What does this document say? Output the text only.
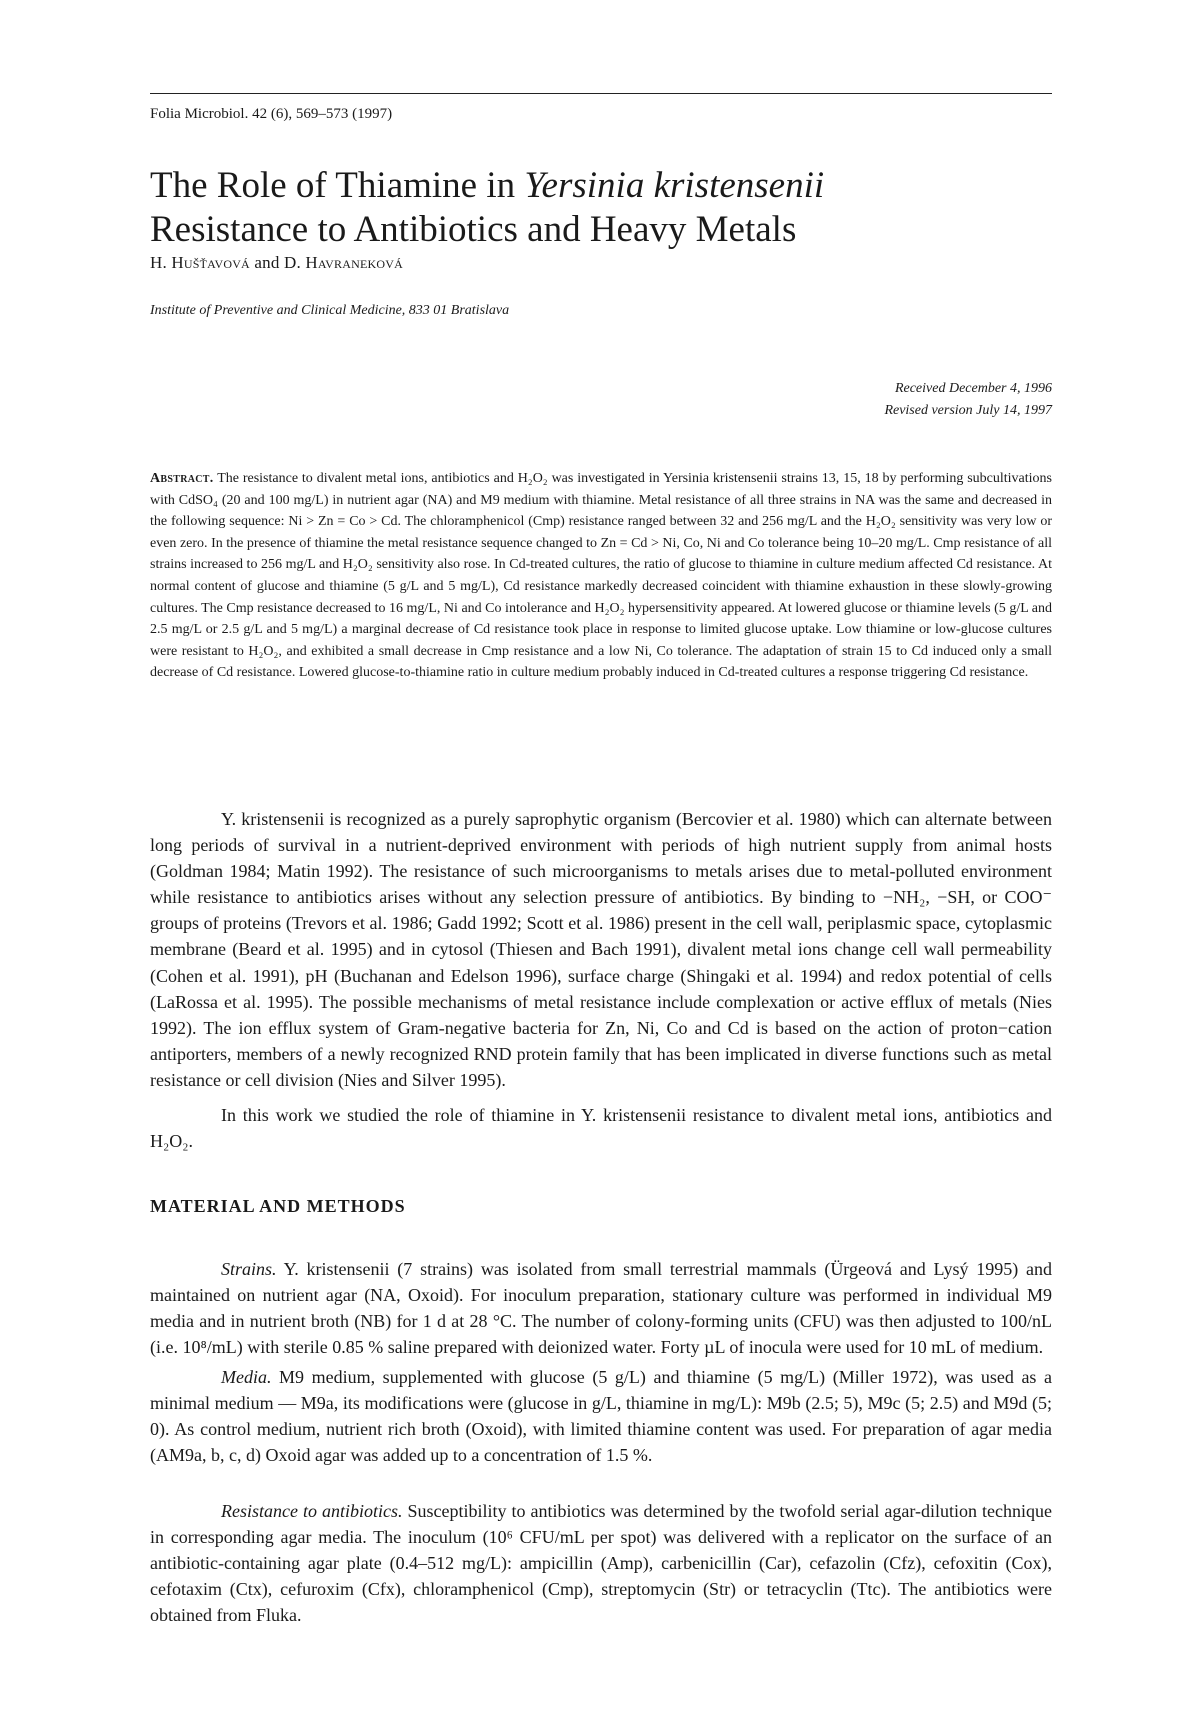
Folia Microbiol. 42 (6), 569–573 (1997)
The Role of Thiamine in Yersinia kristensenii
Resistance to Antibiotics and Heavy Metals
H. Hušťavová and D. Havraneková
Institute of Preventive and Clinical Medicine, 833 01 Bratislava
Received December 4, 1996
Revised version July 14, 1997

Abstract. The resistance to divalent metal ions, antibiotics and H₂O₂ was investigated in Yersinia kristensenii strains 13, 15, 18 by performing subcultivations with CdSO₄ (20 and 100 mg/L) in nutrient agar (NA) and M9 medium with thiamine. Metal resistance of all three strains in NA was the same and decreased in the following sequence: Ni > Zn = Co > Cd. The chloramphenicol (Cmp) resistance ranged between 32 and 256 mg/L and the H₂O₂ sensitivity was very low or even zero. In the presence of thiamine the metal resistance sequence changed to Zn = Cd > Ni, Co, Ni and Co tolerance being 10–20 mg/L. Cmp resistance of all strains increased to 256 mg/L and H₂O₂ sensitivity also rose. In Cd-treated cultures, the ratio of glucose to thiamine in culture medium affected Cd resistance. At normal content of glucose and thiamine (5 g/L and 5 mg/L), Cd resistance markedly decreased coincident with thiamine exhaustion in these slowly-growing cultures. The Cmp resistance decreased to 16 mg/L, Ni and Co intolerance and H₂O₂ hypersensitivity appeared. At lowered glucose or thiamine levels (5 g/L and 2.5 mg/L or 2.5 g/L and 5 mg/L) a marginal decrease of Cd resistance took place in response to limited glucose uptake. Low thiamine or low-glucose cultures were resistant to H₂O₂, and exhibited a small decrease in Cmp resistance and a low Ni, Co tolerance. The adaptation of strain 15 to Cd induced only a small decrease of Cd resistance. Lowered glucose-to-thiamine ratio in culture medium probably induced in Cd-treated cultures a response triggering Cd resistance.

Y. kristensenii is recognized as a purely saprophytic organism (Bercovier et al. 1980) which can alternate between long periods of survival in a nutrient-deprived environment with periods of high nutrient supply from animal hosts (Goldman 1984; Matin 1992). The resistance of such microorganisms to metals arises due to metal-polluted environment while resistance to antibiotics arises without any selection pressure of antibiotics. By binding to −NH₂, −SH, or COO⁻ groups of proteins (Trevors et al. 1986; Gadd 1992; Scott et al. 1986) present in the cell wall, periplasmic space, cytoplasmic membrane (Beard et al. 1995) and in cytosol (Thiesen and Bach 1991), divalent metal ions change cell wall permeability (Cohen et al. 1991), pH (Buchanan and Edelson 1996), surface charge (Shingaki et al. 1994) and redox potential of cells (LaRossa et al. 1995). The possible mechanisms of metal resistance include complexation or active efflux of metals (Nies 1992). The ion efflux system of Gram-negative bacteria for Zn, Ni, Co and Cd is based on the action of proton−cation antiporters, members of a newly recognized RND protein family that has been implicated in diverse functions such as metal resistance or cell division (Nies and Silver 1995).

In this work we studied the role of thiamine in Y. kristensenii resistance to divalent metal ions, antibiotics and H₂O₂.

MATERIAL AND METHODS

Strains. Y. kristensenii (7 strains) was isolated from small terrestrial mammals (Ürgeová and Lysý 1995) and maintained on nutrient agar (NA, Oxoid). For inoculum preparation, stationary culture was performed in individual M9 media and in nutrient broth (NB) for 1 d at 28 °C. The number of colony-forming units (CFU) was then adjusted to 100/nL (i.e. 10⁸/mL) with sterile 0.85 % saline prepared with deionized water. Forty µL of inocula were used for 10 mL of medium.

Media. M9 medium, supplemented with glucose (5 g/L) and thiamine (5 mg/L) (Miller 1972), was used as a minimal medium — M9a, its modifications were (glucose in g/L, thiamine in mg/L): M9b (2.5; 5), M9c (5; 2.5) and M9d (5; 0). As control medium, nutrient rich broth (Oxoid), with limited thiamine content was used. For preparation of agar media (AM9a, b, c, d) Oxoid agar was added up to a concentration of 1.5 %.

Resistance to antibiotics. Susceptibility to antibiotics was determined by the twofold serial agar-dilution technique in corresponding agar media. The inoculum (10⁶ CFU/mL per spot) was delivered with a replicator on the surface of an antibiotic-containing agar plate (0.4–512 mg/L): ampicillin (Amp), carbenicillin (Car), cefazolin (Cfz), cefoxitin (Cox), cefotaxim (Ctx), cefuroxim (Cfx), chloramphenicol (Cmp), streptomycin (Str) or tetracyclin (Ttc). The antibiotics were obtained from Fluka.
